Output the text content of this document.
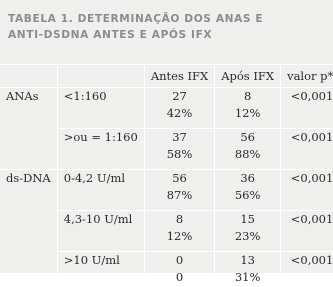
TABELA 1. DETERMINAÇÃO DOS ANAS E
ANTI-DSDNA ANTES E APÓS IFX
		Antes IFX	Após IFX	valor p*
ANAs	<1:160	27	8	<0,001
		42%	12%	

	>ou = 1:160	37	56	<0,001
		58%	88%	

ds-DNA	0-4,2 U/ml	56	36	<0,001
		87%	56%	

	4,3-10 U/ml	8	15	<0,001
		12%	23%	

	>10 U/ml	0	13	<0,001
		0	31%	
